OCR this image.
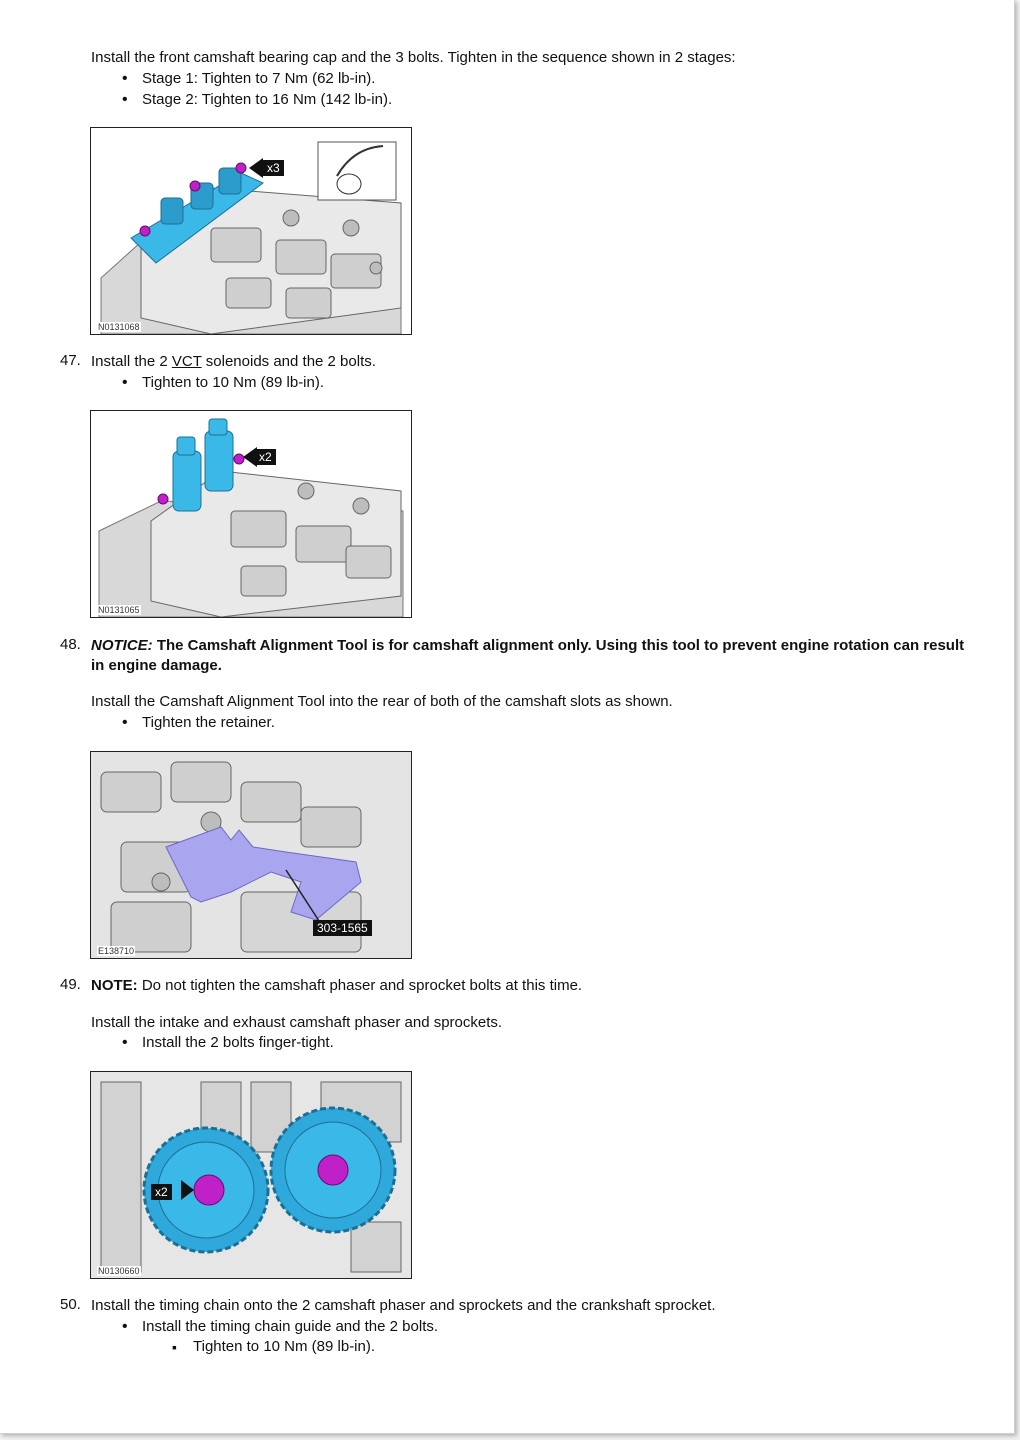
Install the front camshaft bearing cap and the 3 bolts. Tighten in the sequence shown in 2 stages:
• Stage 1: Tighten to 7 Nm (62 lb-in).
• Stage 2: Tighten to 16 Nm (142 lb-in).
x3
N0131068
47. Install the 2 VCT solenoids and the 2 bolts.
• Tighten to 10 Nm (89 lb-in).
x2
N0131065
48. NOTICE: The Camshaft Alignment Tool is for camshaft alignment only. Using this tool to prevent engine rotation can result in engine damage.
Install the Camshaft Alignment Tool into the rear of both of the camshaft slots as shown.
• Tighten the retainer.
303-1565
E138710
49. NOTE: Do not tighten the camshaft phaser and sprocket bolts at this time.
Install the intake and exhaust camshaft phaser and sprockets.
• Install the 2 bolts finger-tight.
x2
N0130660
50. Install the timing chain onto the 2 camshaft phaser and sprockets and the crankshaft sprocket.
• Install the timing chain guide and the 2 bolts.
▪ Tighten to 10 Nm (89 lb-in).
